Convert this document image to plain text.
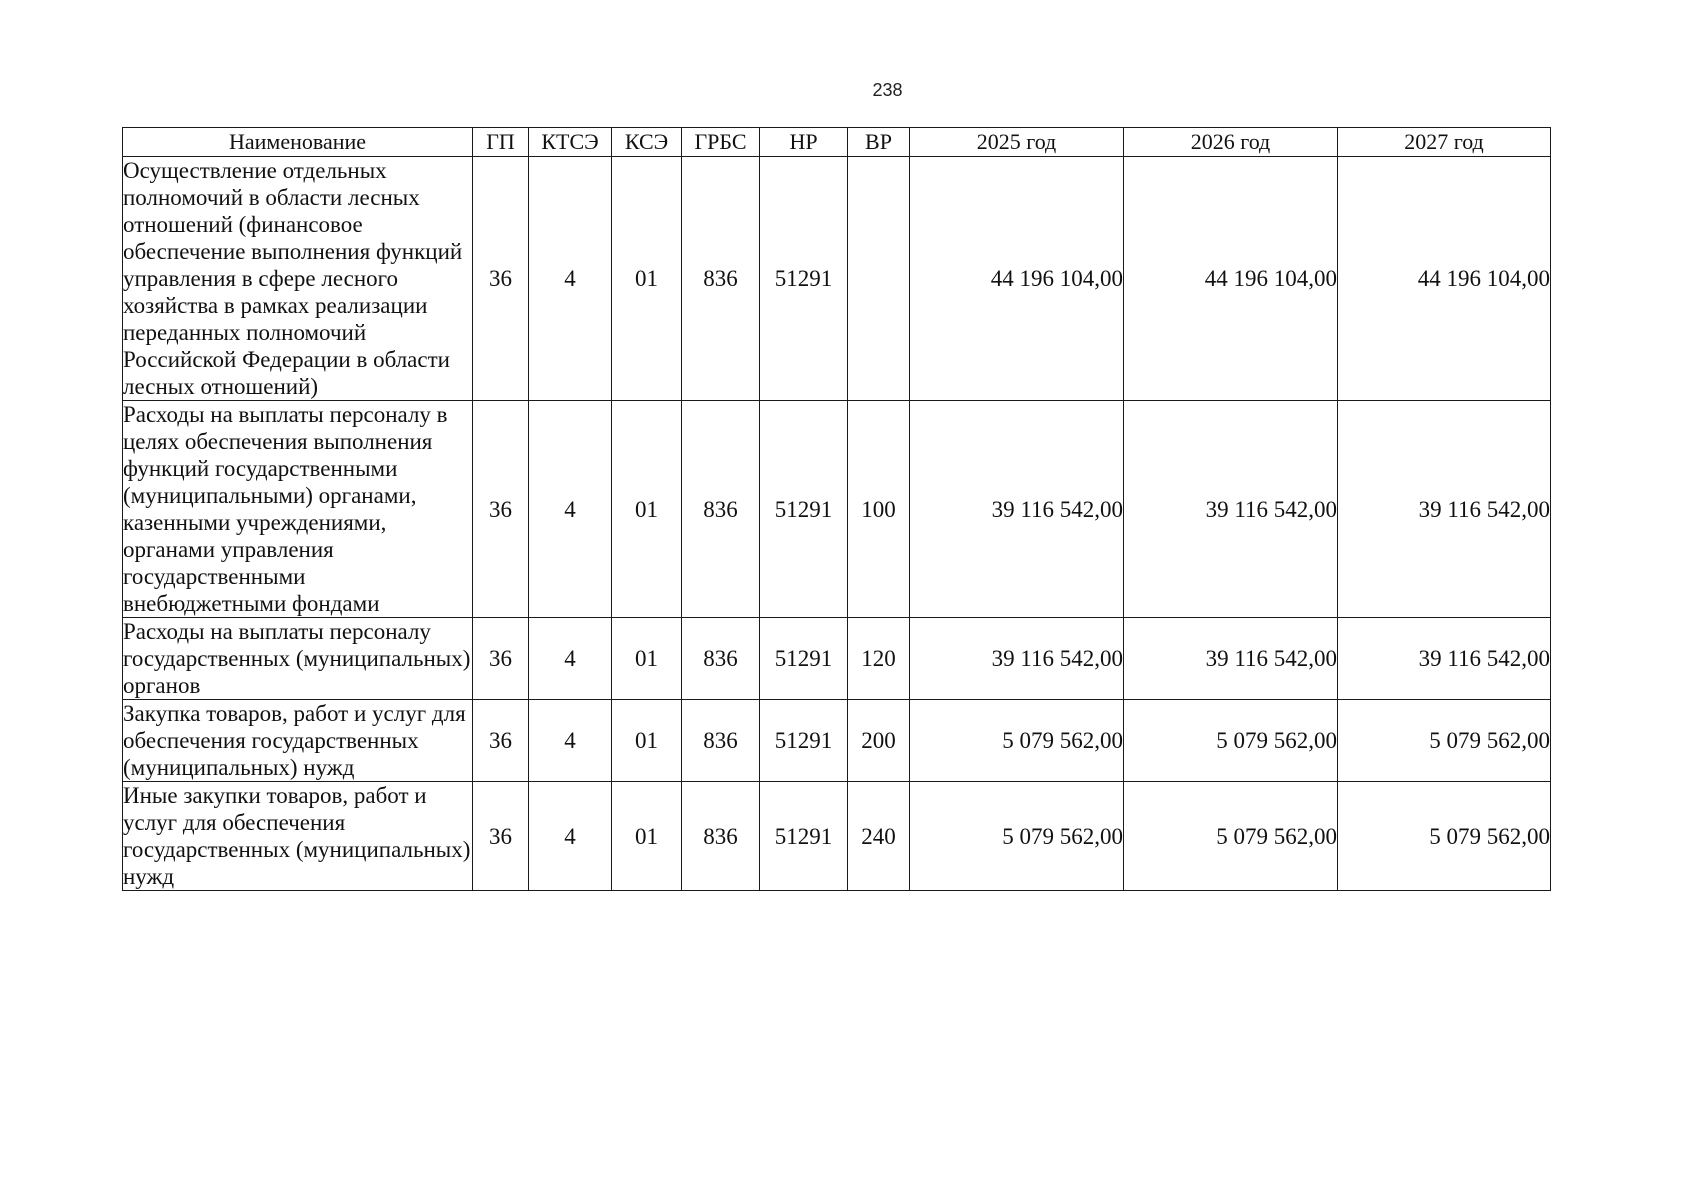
238
Наименование	ГП	КТСЭ	КСЭ	ГРБС	НР	ВР	2025 год	2026 год	2027 год
Осуществление отдельных полномочий в области лесных отношений (финансовое обеспечение выполнения функций управления в сфере лесного хозяйства в рамках реализации переданных полномочий Российской Федерации в области лесных отношений)	36	4	01	836	51291		44 196 104,00	44 196 104,00	44 196 104,00
Расходы на выплаты персоналу в целях обеспечения выполнения функций государственными (муниципальными) органами, казенными учреждениями, органами управления государственными внебюджетными фондами	36	4	01	836	51291	100	39 116 542,00	39 116 542,00	39 116 542,00
Расходы на выплаты персоналу государственных (муниципальных) органов	36	4	01	836	51291	120	39 116 542,00	39 116 542,00	39 116 542,00
Закупка товаров, работ и услуг для обеспечения государственных (муниципальных) нужд	36	4	01	836	51291	200	5 079 562,00	5 079 562,00	5 079 562,00
Иные закупки товаров, работ и услуг для обеспечения государственных (муниципальных) нужд	36	4	01	836	51291	240	5 079 562,00	5 079 562,00	5 079 562,00
